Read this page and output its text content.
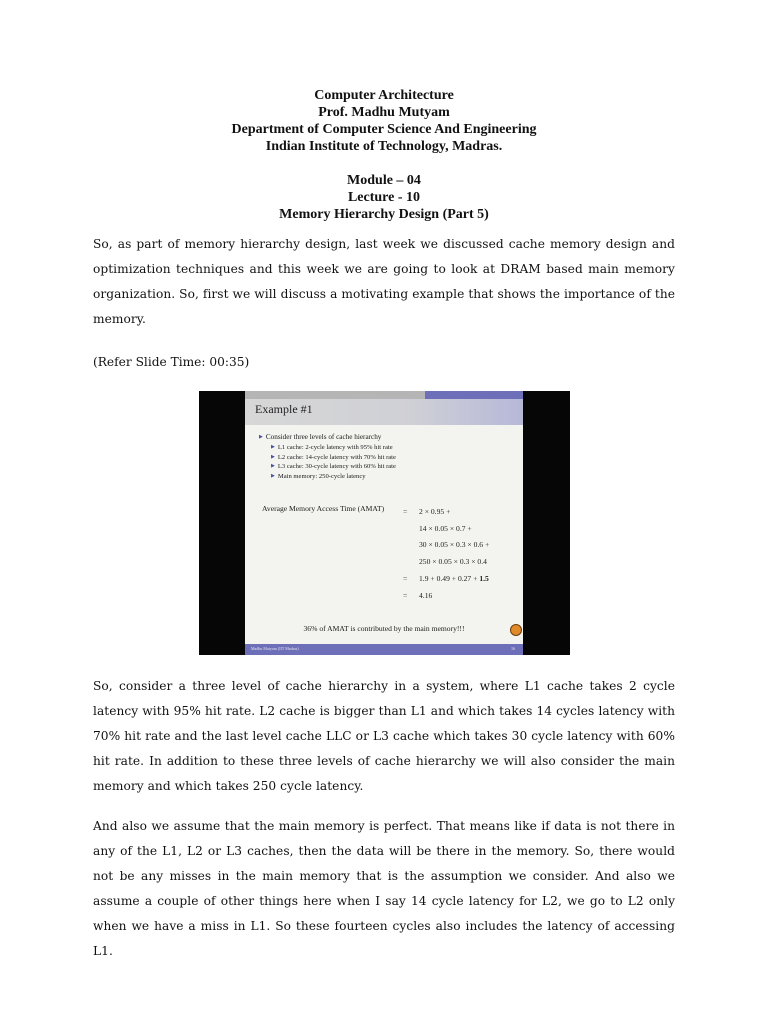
Computer Architecture
Prof. Madhu Mutyam
Department of Computer Science And Engineering
Indian Institute of Technology, Madras.
Module – 04
Lecture - 10
Memory Hierarchy Design (Part 5)

So, as part of memory hierarchy design, last week we discussed cache memory design and optimization techniques and this week we are going to look at DRAM based main memory organization. So, first we will discuss a motivating example that shows the importance of the memory.

(Refer Slide Time: 00:35)
Example #1
▶ Consider three levels of cache hierarchy
▶ L1 cache: 2-cycle latency with 95% hit rate
▶ L2 cache: 14-cycle latency with 70% hit rate
▶ L3 cache: 30-cycle latency with 60% hit rate
▶ Main memory: 250-cycle latency
Average Memory Access Time (AMAT) = 2 × 0.95 +
14 × 0.05 × 0.7 +
30 × 0.05 × 0.3 × 0.6 +
250 × 0.05 × 0.3 × 0.4
= 1.9 + 0.49 + 0.27 + 1.5
= 4.16
36% of AMAT is contributed by the main memory!!!
Madhu Mutyam (IIT Madras)	16

So, consider a three level of cache hierarchy in a system, where L1 cache takes 2 cycle latency with 95% hit rate. L2 cache is bigger than L1 and which takes 14 cycles latency with 70% hit rate and the last level cache LLC or L3 cache which takes 30 cycle latency with 60% hit rate. In addition to these three levels of cache hierarchy we will also consider the main memory and which takes 250 cycle latency.

And also we assume that the main memory is perfect. That means like if data is not there in any of the L1, L2 or L3 caches, then the data will be there in the memory. So, there would not be any misses in the main memory that is the assumption we consider. And also we assume a couple of other things here when I say 14 cycle latency for L2, we go to L2 only when we have a miss in L1. So these fourteen cycles also includes the latency of accessing L1.
